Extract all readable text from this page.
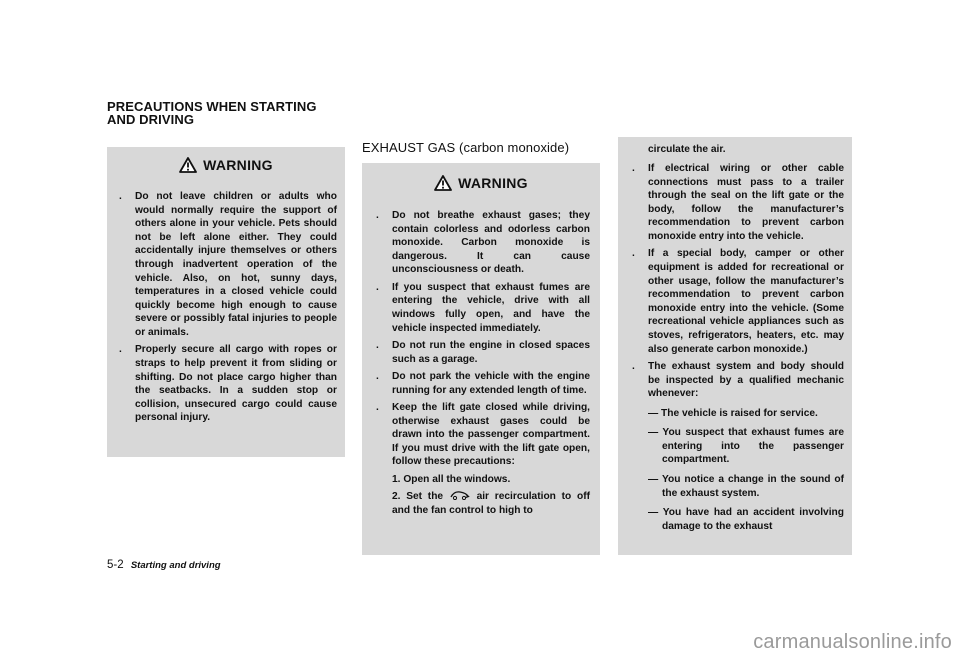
PRECAUTIONS WHEN STARTING
AND DRIVING
WARNING
. Do not leave children or adults who would normally require the support of others alone in your vehicle. Pets should not be left alone either. They could accidentally injure themselves or others through inadvertent operation of the vehicle. Also, on hot, sunny days, temperatures in a closed vehicle could quickly become high enough to cause severe or possibly fatal injuries to people or animals.
. Properly secure all cargo with ropes or straps to help prevent it from sliding or shifting. Do not place cargo higher than the seatbacks. In a sudden stop or collision, unsecured cargo could cause personal injury.
EXHAUST GAS (carbon monoxide)
WARNING
. Do not breathe exhaust gases; they contain colorless and odorless carbon monoxide. Carbon monoxide is dangerous. It can cause unconsciousness or death.
. If you suspect that exhaust fumes are entering the vehicle, drive with all windows fully open, and have the vehicle inspected immediately.
. Do not run the engine in closed spaces such as a garage.
. Do not park the vehicle with the engine running for any extended length of time.
. Keep the lift gate closed while driving, otherwise exhaust gases could be drawn into the passenger compartment. If you must drive with the lift gate open, follow these precautions:
1. Open all the windows.
2. Set the	air recirculation to off and the fan control to high to
circulate the air.
. If electrical wiring or other cable connections must pass to a trailer through the seal on the lift gate or the body, follow the manufacturer’s recommendation to prevent carbon monoxide entry into the vehicle.
. If a special body, camper or other equipment is added for recreational or other usage, follow the manufacturer’s recommendation to prevent carbon monoxide entry into the vehicle. (Some recreational vehicle appliances such as stoves, refrigerators, heaters, etc. may also generate carbon monoxide.)
. The exhaust system and body should be inspected by a qualified mechanic whenever:
— The vehicle is raised for service.
— You suspect that exhaust fumes are entering into the passenger compartment.
— You notice a change in the sound of the exhaust system.
— You have had an accident involving damage to the exhaust
5-2 Starting and driving
carmanualsonline.info
